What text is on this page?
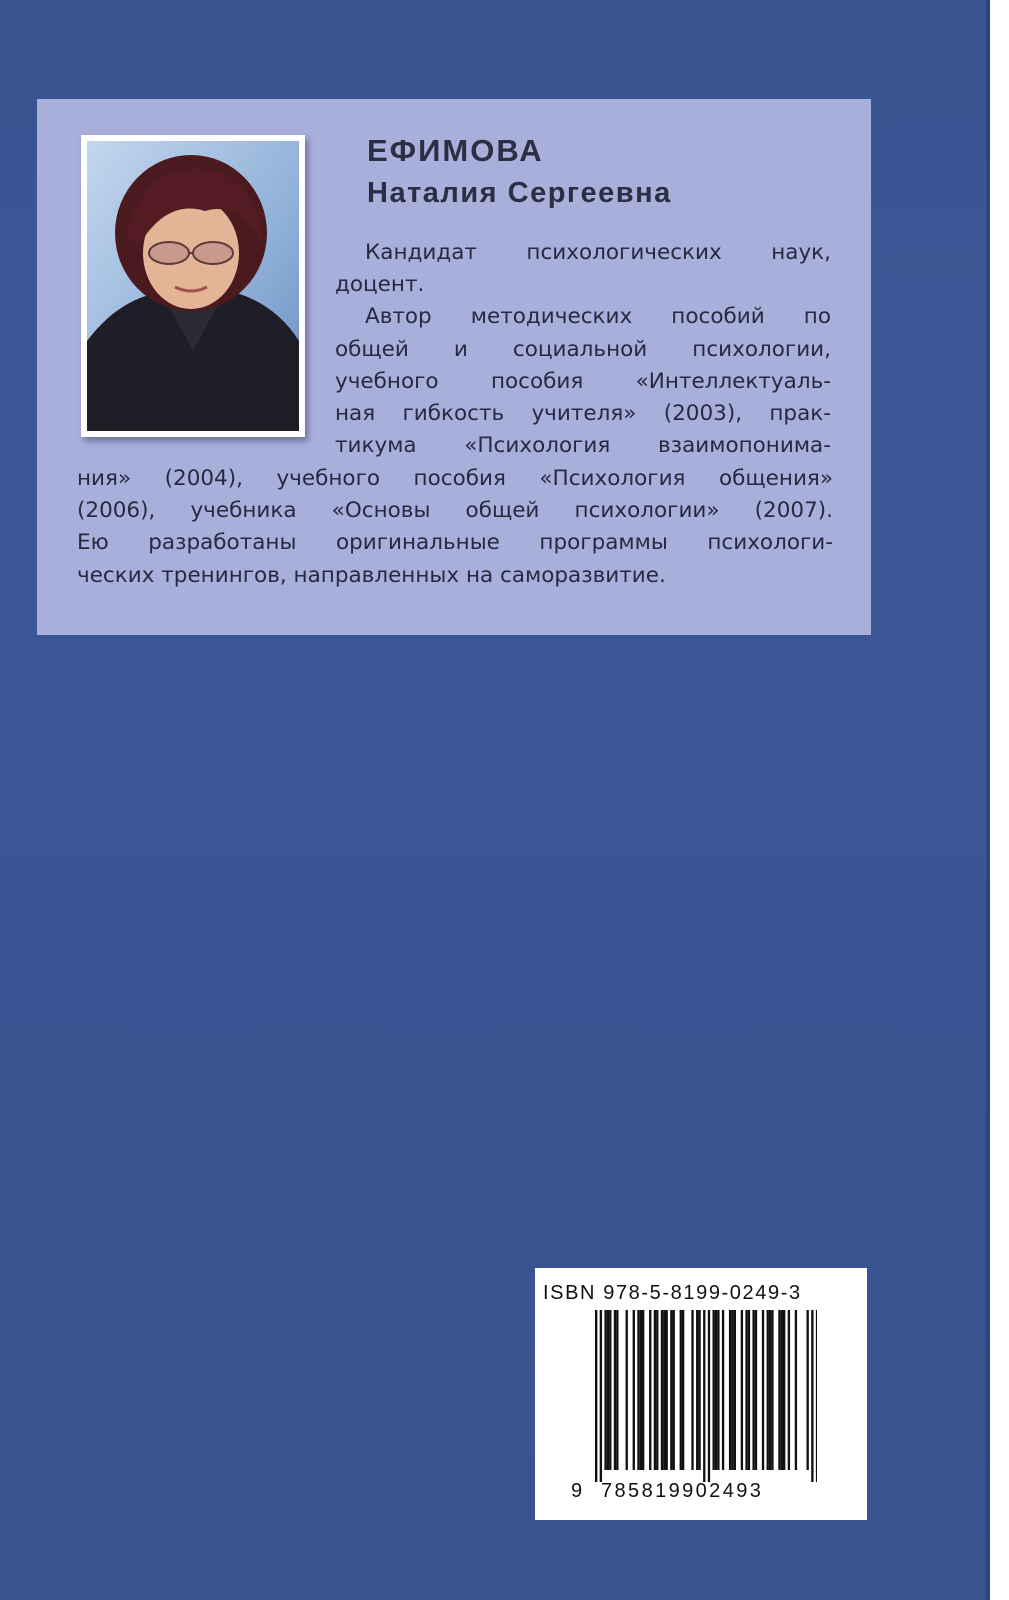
ЕФИМОВА
Наталия Сергеевна

Кандидат психологических наук,

доцент.

Автор методических пособий по

общей и социальной психологии,

учебного пособия «Интеллектуаль-

ная гибкость учителя» (2003), прак-

тикума «Психология взаимопонима-

ния» (2004), учебного пособия «Психология общения»

(2006), учебника «Основы общей психологии» (2007).

Ею разработаны оригинальные программы психологи-

ческих тренингов, направленных на саморазвитие.

ISBN 978-5-8199-0249-3
9 785819902493
